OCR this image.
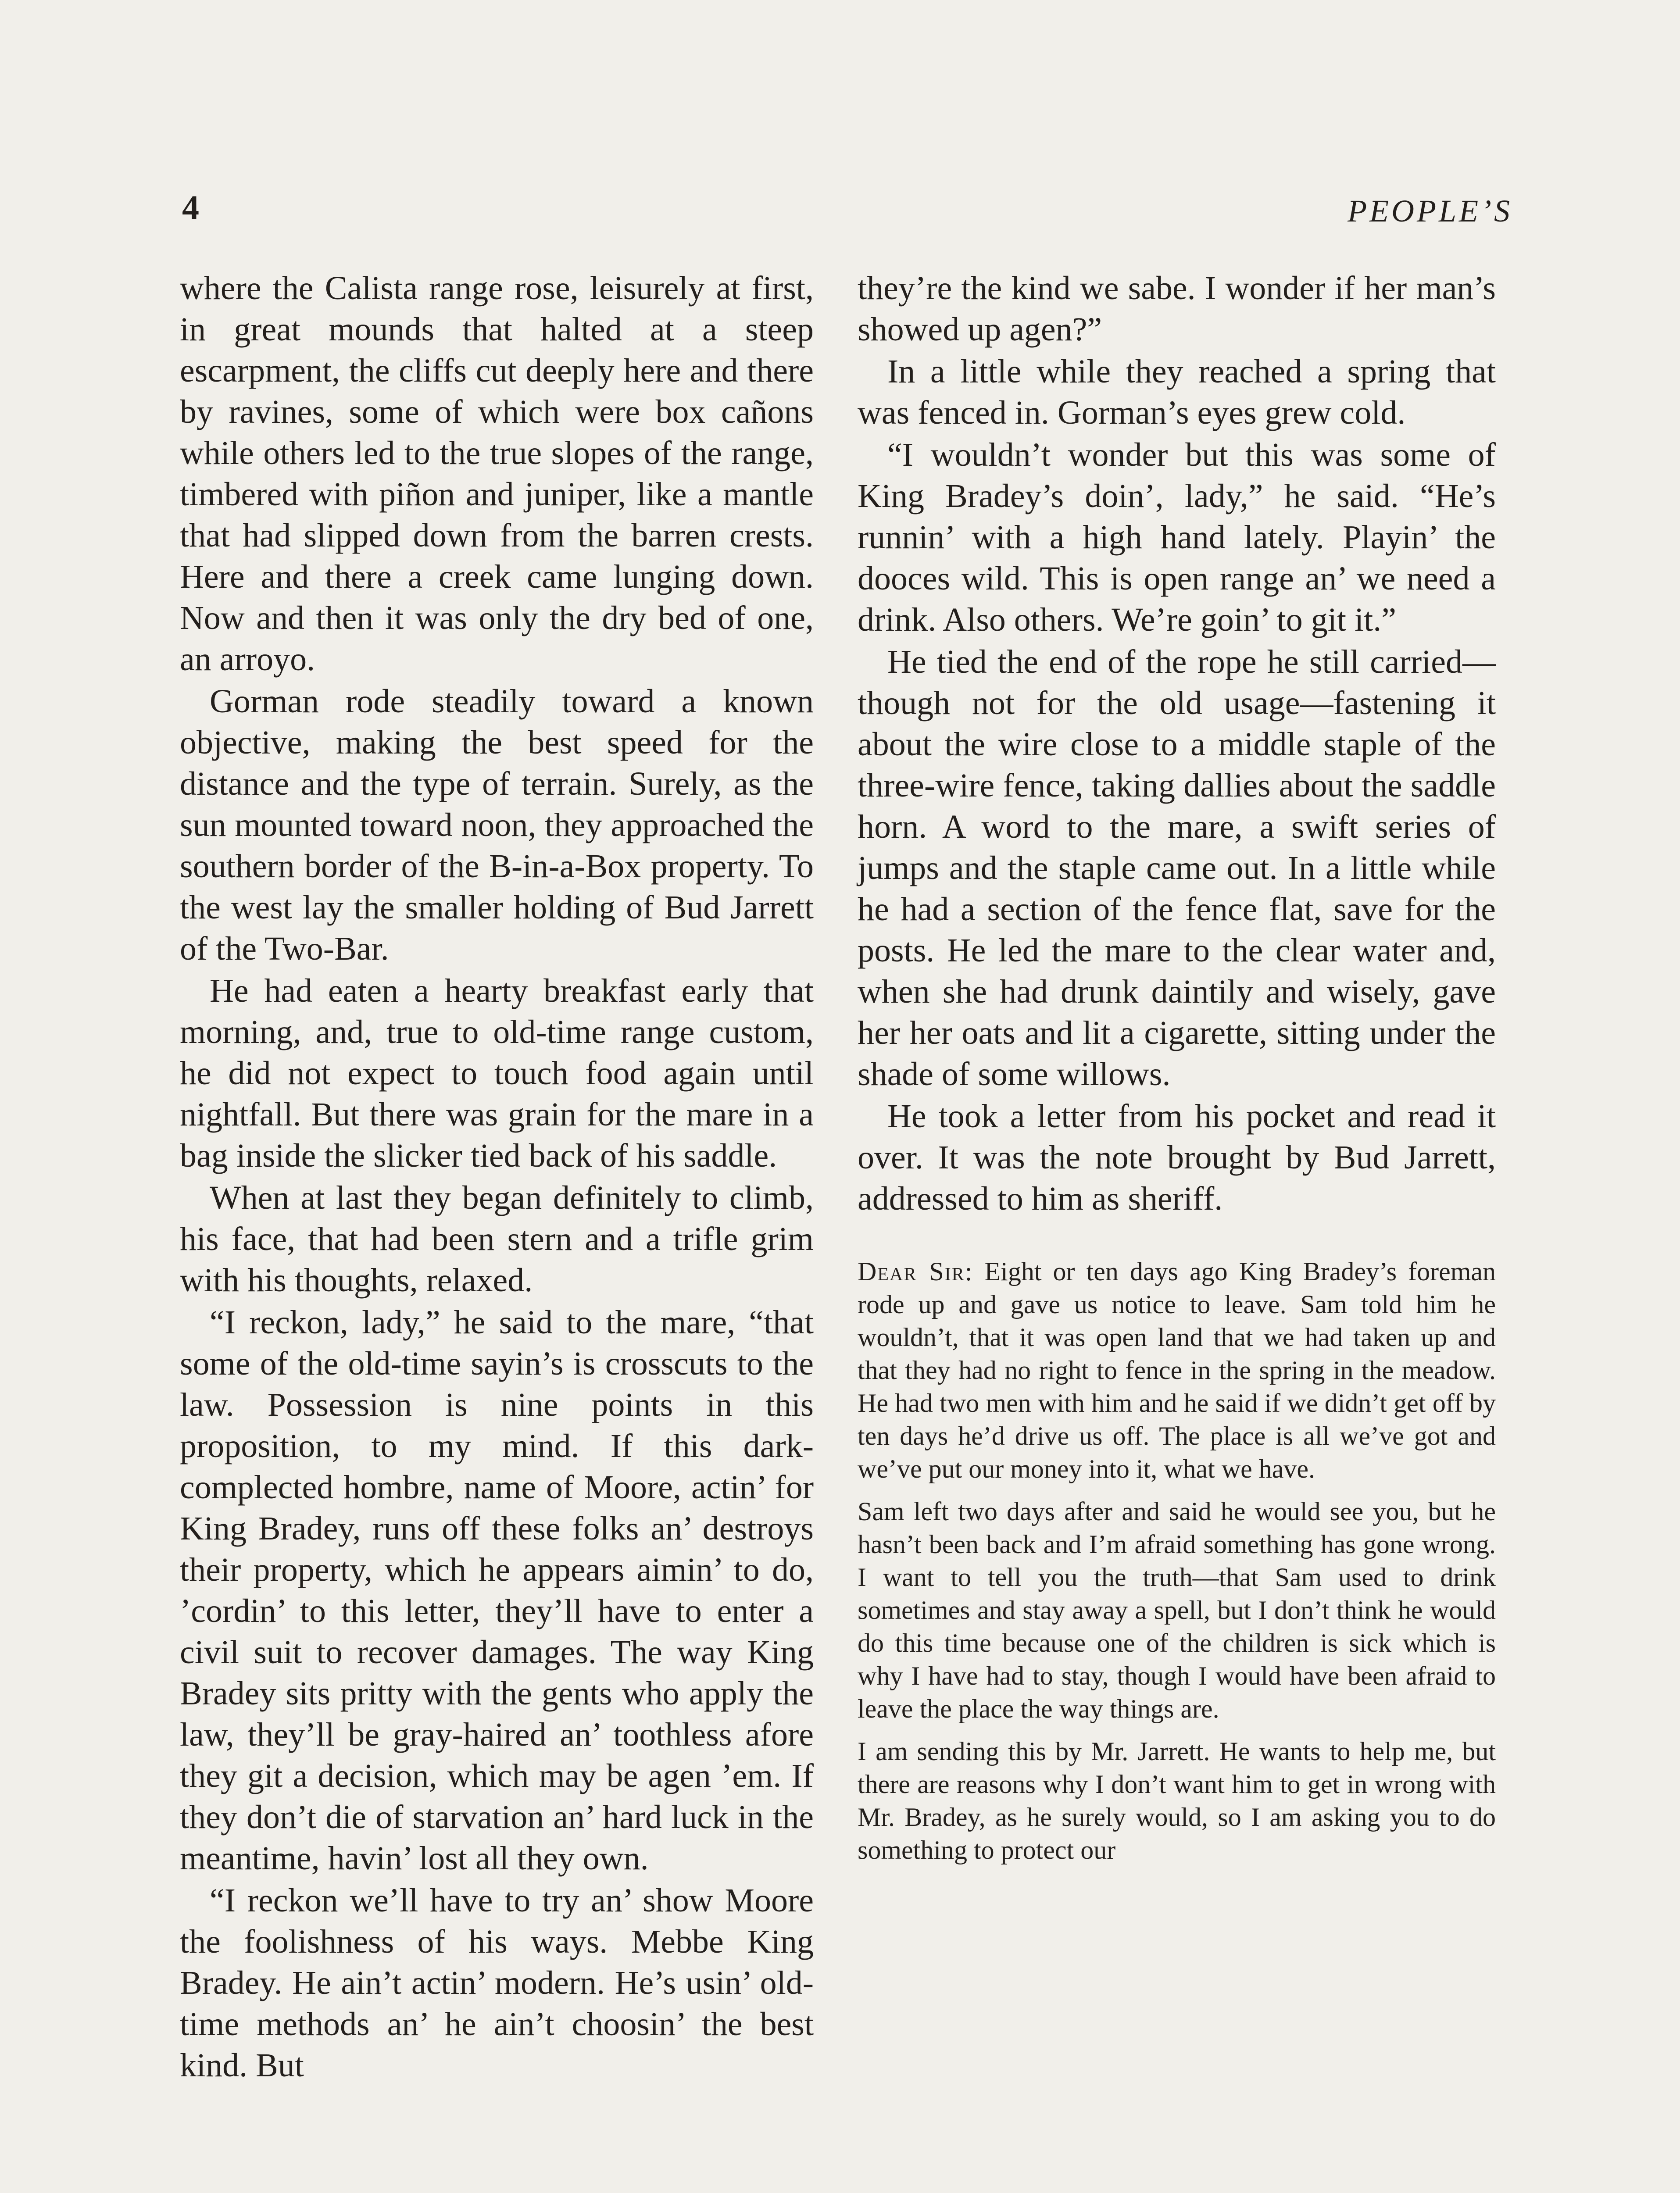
4	PEOPLE’S

where the Calista range rose, leisurely at first, in great mounds that halted at a steep escarpment, the cliffs cut deeply here and there by ravines, some of which were box cañons while others led to the true slopes of the range, timbered with piñon and juniper, like a mantle that had slipped down from the barren crests. Here and there a creek came lunging down. Now and then it was only the dry bed of one, an arroyo.

Gorman rode steadily toward a known objective, making the best speed for the distance and the type of terrain. Surely, as the sun mounted toward noon, they approached the southern border of the B-in-a-Box property. To the west lay the smaller holding of Bud Jarrett of the Two-Bar.

He had eaten a hearty breakfast early that morning, and, true to old-time range custom, he did not expect to touch food again until nightfall. But there was grain for the mare in a bag inside the slicker tied back of his saddle.

When at last they began definitely to climb, his face, that had been stern and a trifle grim with his thoughts, relaxed.

“I reckon, lady,” he said to the mare, “that some of the old-time sayin’s is crosscuts to the law. Possession is nine points in this proposition, to my mind. If this dark-complected hombre, name of Moore, actin’ for King Bradey, runs off these folks an’ destroys their property, which he appears aimin’ to do, ’cordin’ to this letter, they’ll have to enter a civil suit to recover damages. The way King Bradey sits pritty with the gents who apply the law, they’ll be gray-haired an’ toothless afore they git a decision, which may be agen ’em. If they don’t die of starvation an’ hard luck in the meantime, havin’ lost all they own.

“I reckon we’ll have to try an’ show Moore the foolishness of his ways. Mebbe King Bradey. He ain’t actin’ modern. He’s usin’ old-time methods an’ he ain’t choosin’ the best kind. But

they’re the kind we sabe. I wonder if her man’s showed up agen?”

In a little while they reached a spring that was fenced in. Gorman’s eyes grew cold.

“I wouldn’t wonder but this was some of King Bradey’s doin’, lady,” he said. “He’s runnin’ with a high hand lately. Playin’ the dooces wild. This is open range an’ we need a drink. Also others. We’re goin’ to git it.”

He tied the end of the rope he still carried—though not for the old usage—fastening it about the wire close to a middle staple of the three-wire fence, taking dallies about the saddle horn. A word to the mare, a swift series of jumps and the staple came out. In a little while he had a section of the fence flat, save for the posts. He led the mare to the clear water and, when she had drunk daintily and wisely, gave her her oats and lit a cigarette, sitting under the shade of some willows.

He took a letter from his pocket and read it over. It was the note brought by Bud Jarrett, addressed to him as sheriff.

Dear Sir: Eight or ten days ago King Bradey’s foreman rode up and gave us notice to leave. Sam told him he wouldn’t, that it was open land that we had taken up and that they had no right to fence in the spring in the meadow. He had two men with him and he said if we didn’t get off by ten days he’d drive us off. The place is all we’ve got and we’ve put our money into it, what we have.

Sam left two days after and said he would see you, but he hasn’t been back and I’m afraid something has gone wrong. I want to tell you the truth—that Sam used to drink sometimes and stay away a spell, but I don’t think he would do this time because one of the children is sick which is why I have had to stay, though I would have been afraid to leave the place the way things are.

I am sending this by Mr. Jarrett. He wants to help me, but there are reasons why I don’t want him to get in wrong with Mr. Bradey, as he surely would, so I am asking you to do something to protect our
